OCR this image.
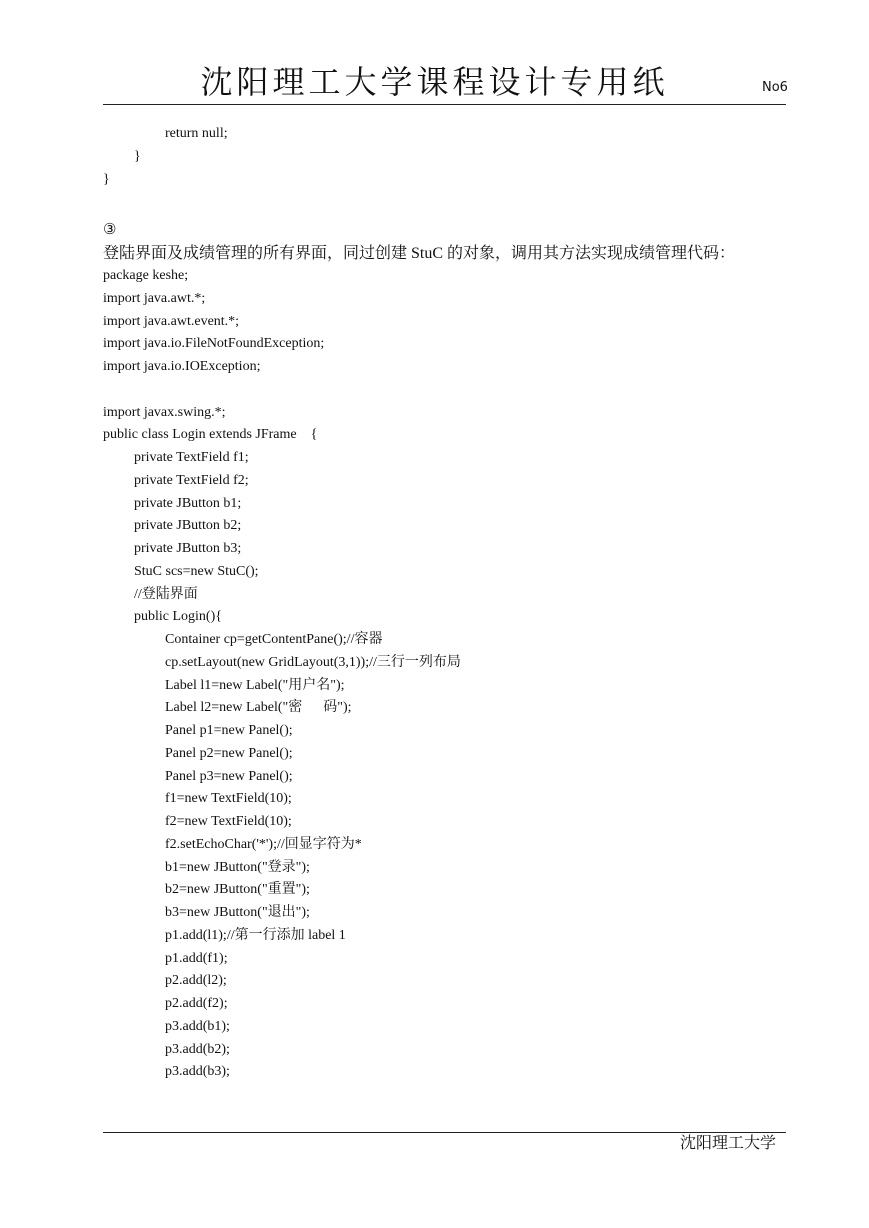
沈阳理工大学课程设计专用纸	No6
return null;
}
}
③
登陆界面及成绩管理的所有界面，同过创建 StuC 的对象，调用其方法实现成绩管理代码：
package keshe;
import java.awt.*;
import java.awt.event.*;
import java.io.FileNotFoundException;
import java.io.IOException;
import javax.swing.*;
public class Login extends JFrame    {
private TextField f1;
private TextField f2;
private JButton b1;
private JButton b2;
private JButton b3;
StuC scs=new StuC();
//登陆界面
public Login(){
Container cp=getContentPane();//容器
cp.setLayout(new GridLayout(3,1));//三行一列布局
Label l1=new Label("用户名");
Label l2=new Label("密      码");
Panel p1=new Panel();
Panel p2=new Panel();
Panel p3=new Panel();
f1=new TextField(10);
f2=new TextField(10);
f2.setEchoChar('*');//回显字符为*
b1=new JButton("登录");
b2=new JButton("重置");
b3=new JButton("退出");
p1.add(l1);//第一行添加 label 1
p1.add(f1);
p2.add(l2);
p2.add(f2);
p3.add(b1);
p3.add(b2);
p3.add(b3);
沈阳理工大学
